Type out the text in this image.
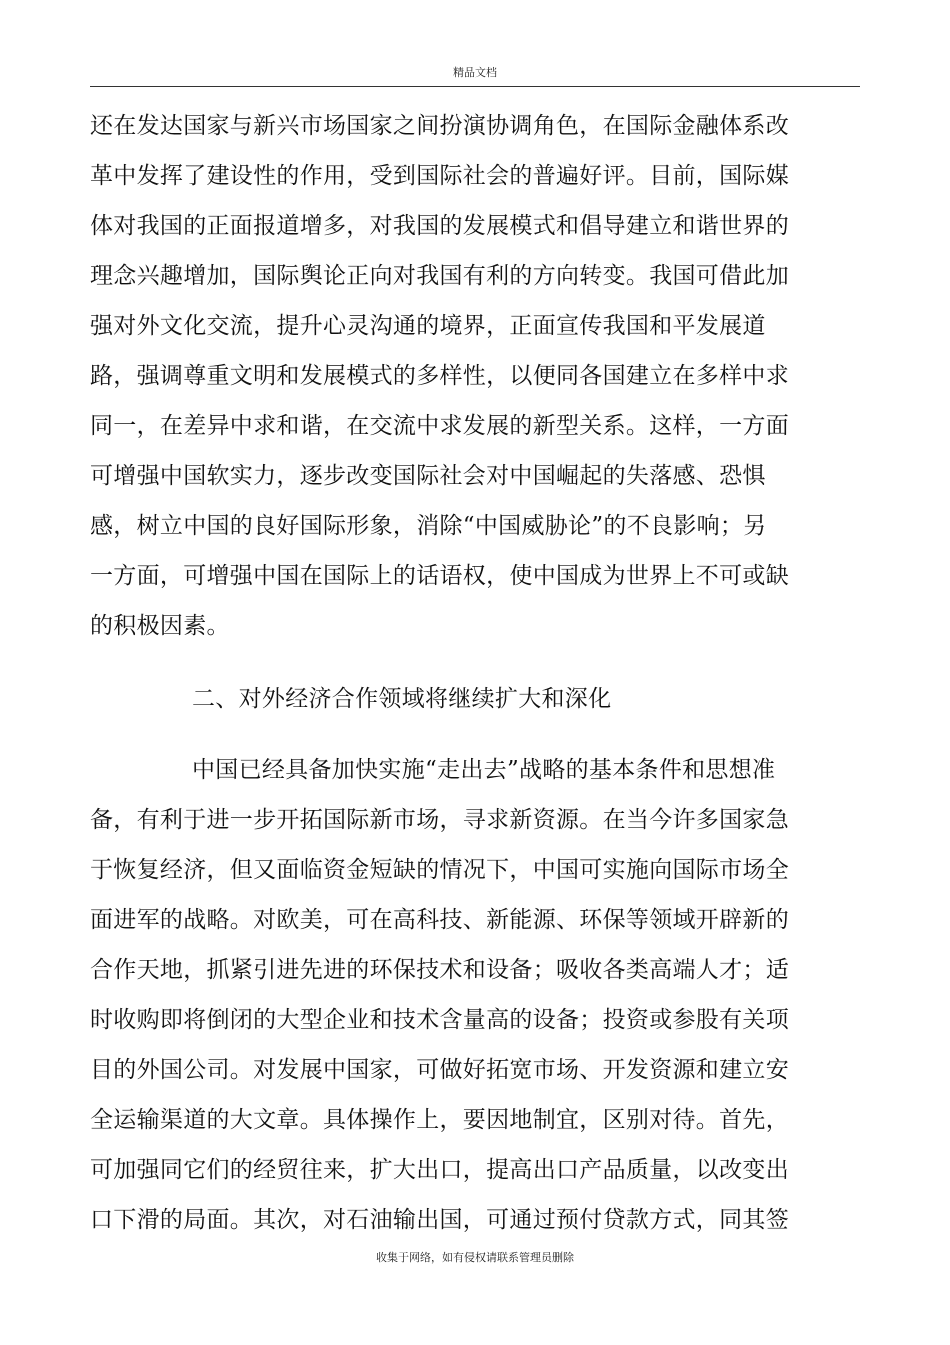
精品文档
还在发达国家与新兴市场国家之间扮演协调角色，在国际金融体系改
革中发挥了建设性的作用，受到国际社会的普遍好评。目前，国际媒
体对我国的正面报道增多，对我国的发展模式和倡导建立和谐世界的
理念兴趣增加，国际舆论正向对我国有利的方向转变。我国可借此加
强对外文化交流，提升心灵沟通的境界，正面宣传我国和平发展道
路，强调尊重文明和发展模式的多样性，以便同各国建立在多样中求
同一，在差异中求和谐，在交流中求发展的新型关系。这样，一方面
可增强中国软实力，逐步改变国际社会对中国崛起的失落感、恐惧
感，树立中国的良好国际形象，消除“中国威胁论”的不良影响；另
一方面，可增强中国在国际上的话语权，使中国成为世界上不可或缺
的积极因素。
二、对外经济合作领域将继续扩大和深化
中国已经具备加快实施“走出去”战略的基本条件和思想准
备，有利于进一步开拓国际新市场，寻求新资源。在当今许多国家急
于恢复经济，但又面临资金短缺的情况下，中国可实施向国际市场全
面进军的战略。对欧美，可在高科技、新能源、环保等领域开辟新的
合作天地，抓紧引进先进的环保技术和设备；吸收各类高端人才；适
时收购即将倒闭的大型企业和技术含量高的设备；投资或参股有关项
目的外国公司。对发展中国家，可做好拓宽市场、开发资源和建立安
全运输渠道的大文章。具体操作上，要因地制宜，区别对待。首先，
可加强同它们的经贸往来，扩大出口，提高出口产品质量，以改变出
口下滑的局面。其次，对石油输出国，可通过预付贷款方式，同其签
收集于网络，如有侵权请联系管理员删除
